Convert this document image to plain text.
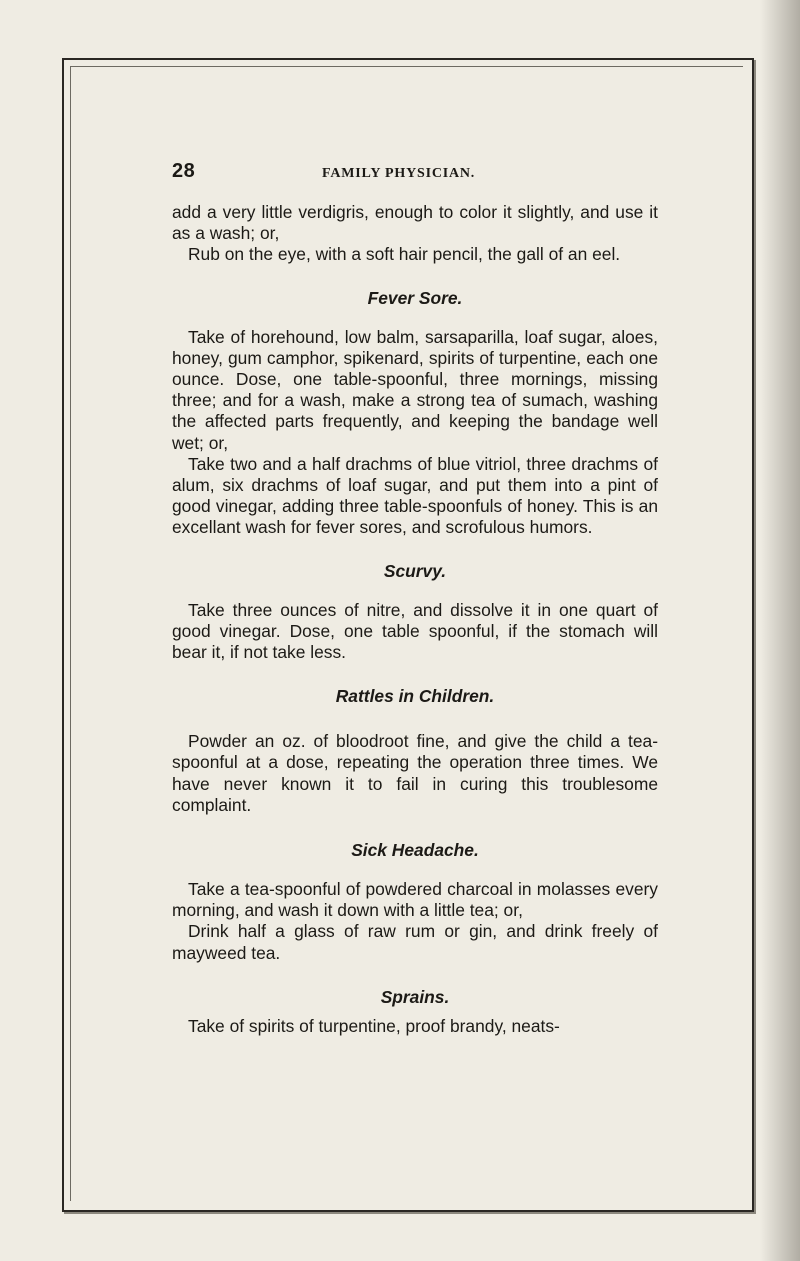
28	FAMILY PHYSICIAN.

add a very little verdigris, enough to color it slightly, and use it as a wash; or,

Rub on the eye, with a soft hair pencil, the gall of an eel.

Fever Sore.

Take of horehound, low balm, sarsaparilla, loaf sugar, aloes, honey, gum camphor, spikenard, spirits of turpentine, each one ounce. Dose, one table-spoonful, three mornings, missing three; and for a wash, make a strong tea of sumach, washing the affected parts frequently, and keeping the bandage well wet; or,

Take two and a half drachms of blue vitriol, three drachms of alum, six drachms of loaf sugar, and put them into a pint of good vinegar, adding three table-spoonfuls of honey. This is an excellant wash for fever sores, and scrofulous humors.

Scurvy.

Take three ounces of nitre, and dissolve it in one quart of good vinegar. Dose, one table spoonful, if the stomach will bear it, if not take less.

Rattles in Children.

Powder an oz. of bloodroot fine, and give the child a tea-spoonful at a dose, repeating the operation three times. We have never known it to fail in curing this troublesome complaint.

Sick Headache.

Take a tea-spoonful of powdered charcoal in molasses every morning, and wash it down with a little tea; or,

Drink half a glass of raw rum or gin, and drink freely of mayweed tea.

Sprains.

Take of spirits of turpentine, proof brandy, neats-
